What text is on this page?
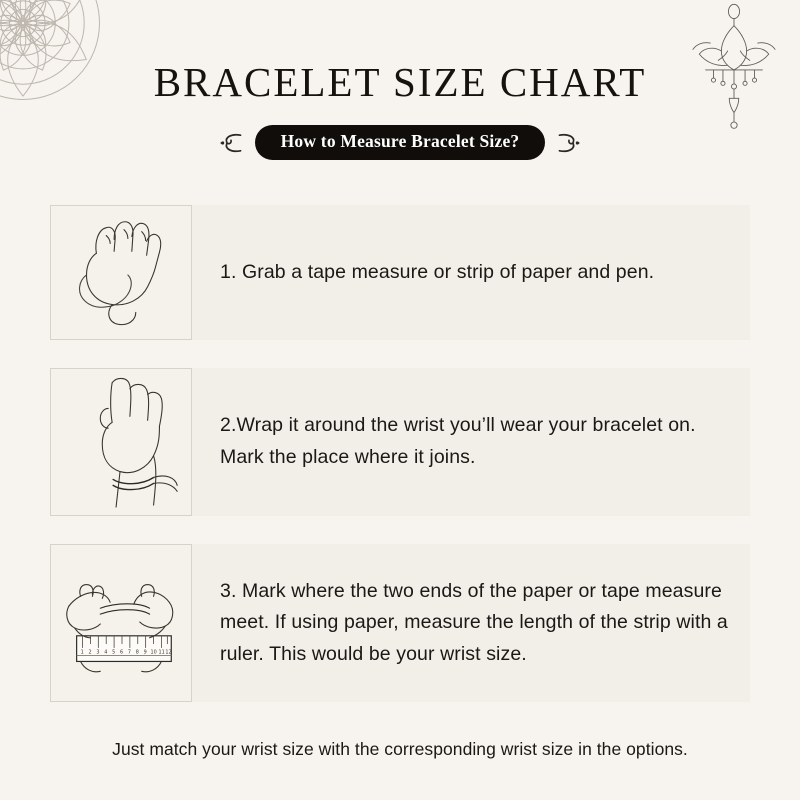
BRACELET SIZE CHART
How to Measure Bracelet Size?
1. Grab a tape measure or strip of paper and pen.
2.Wrap it around the wrist you’ll wear your bracelet on. Mark the place where it joins.
1 2 3 4 5 6 7 8 9 10 11 12
3. Mark where the two ends of the paper or tape measure meet. If using paper, measure the length of the strip with a ruler. This would be your wrist size.
Just match your wrist size with the corresponding wrist size in the options.
